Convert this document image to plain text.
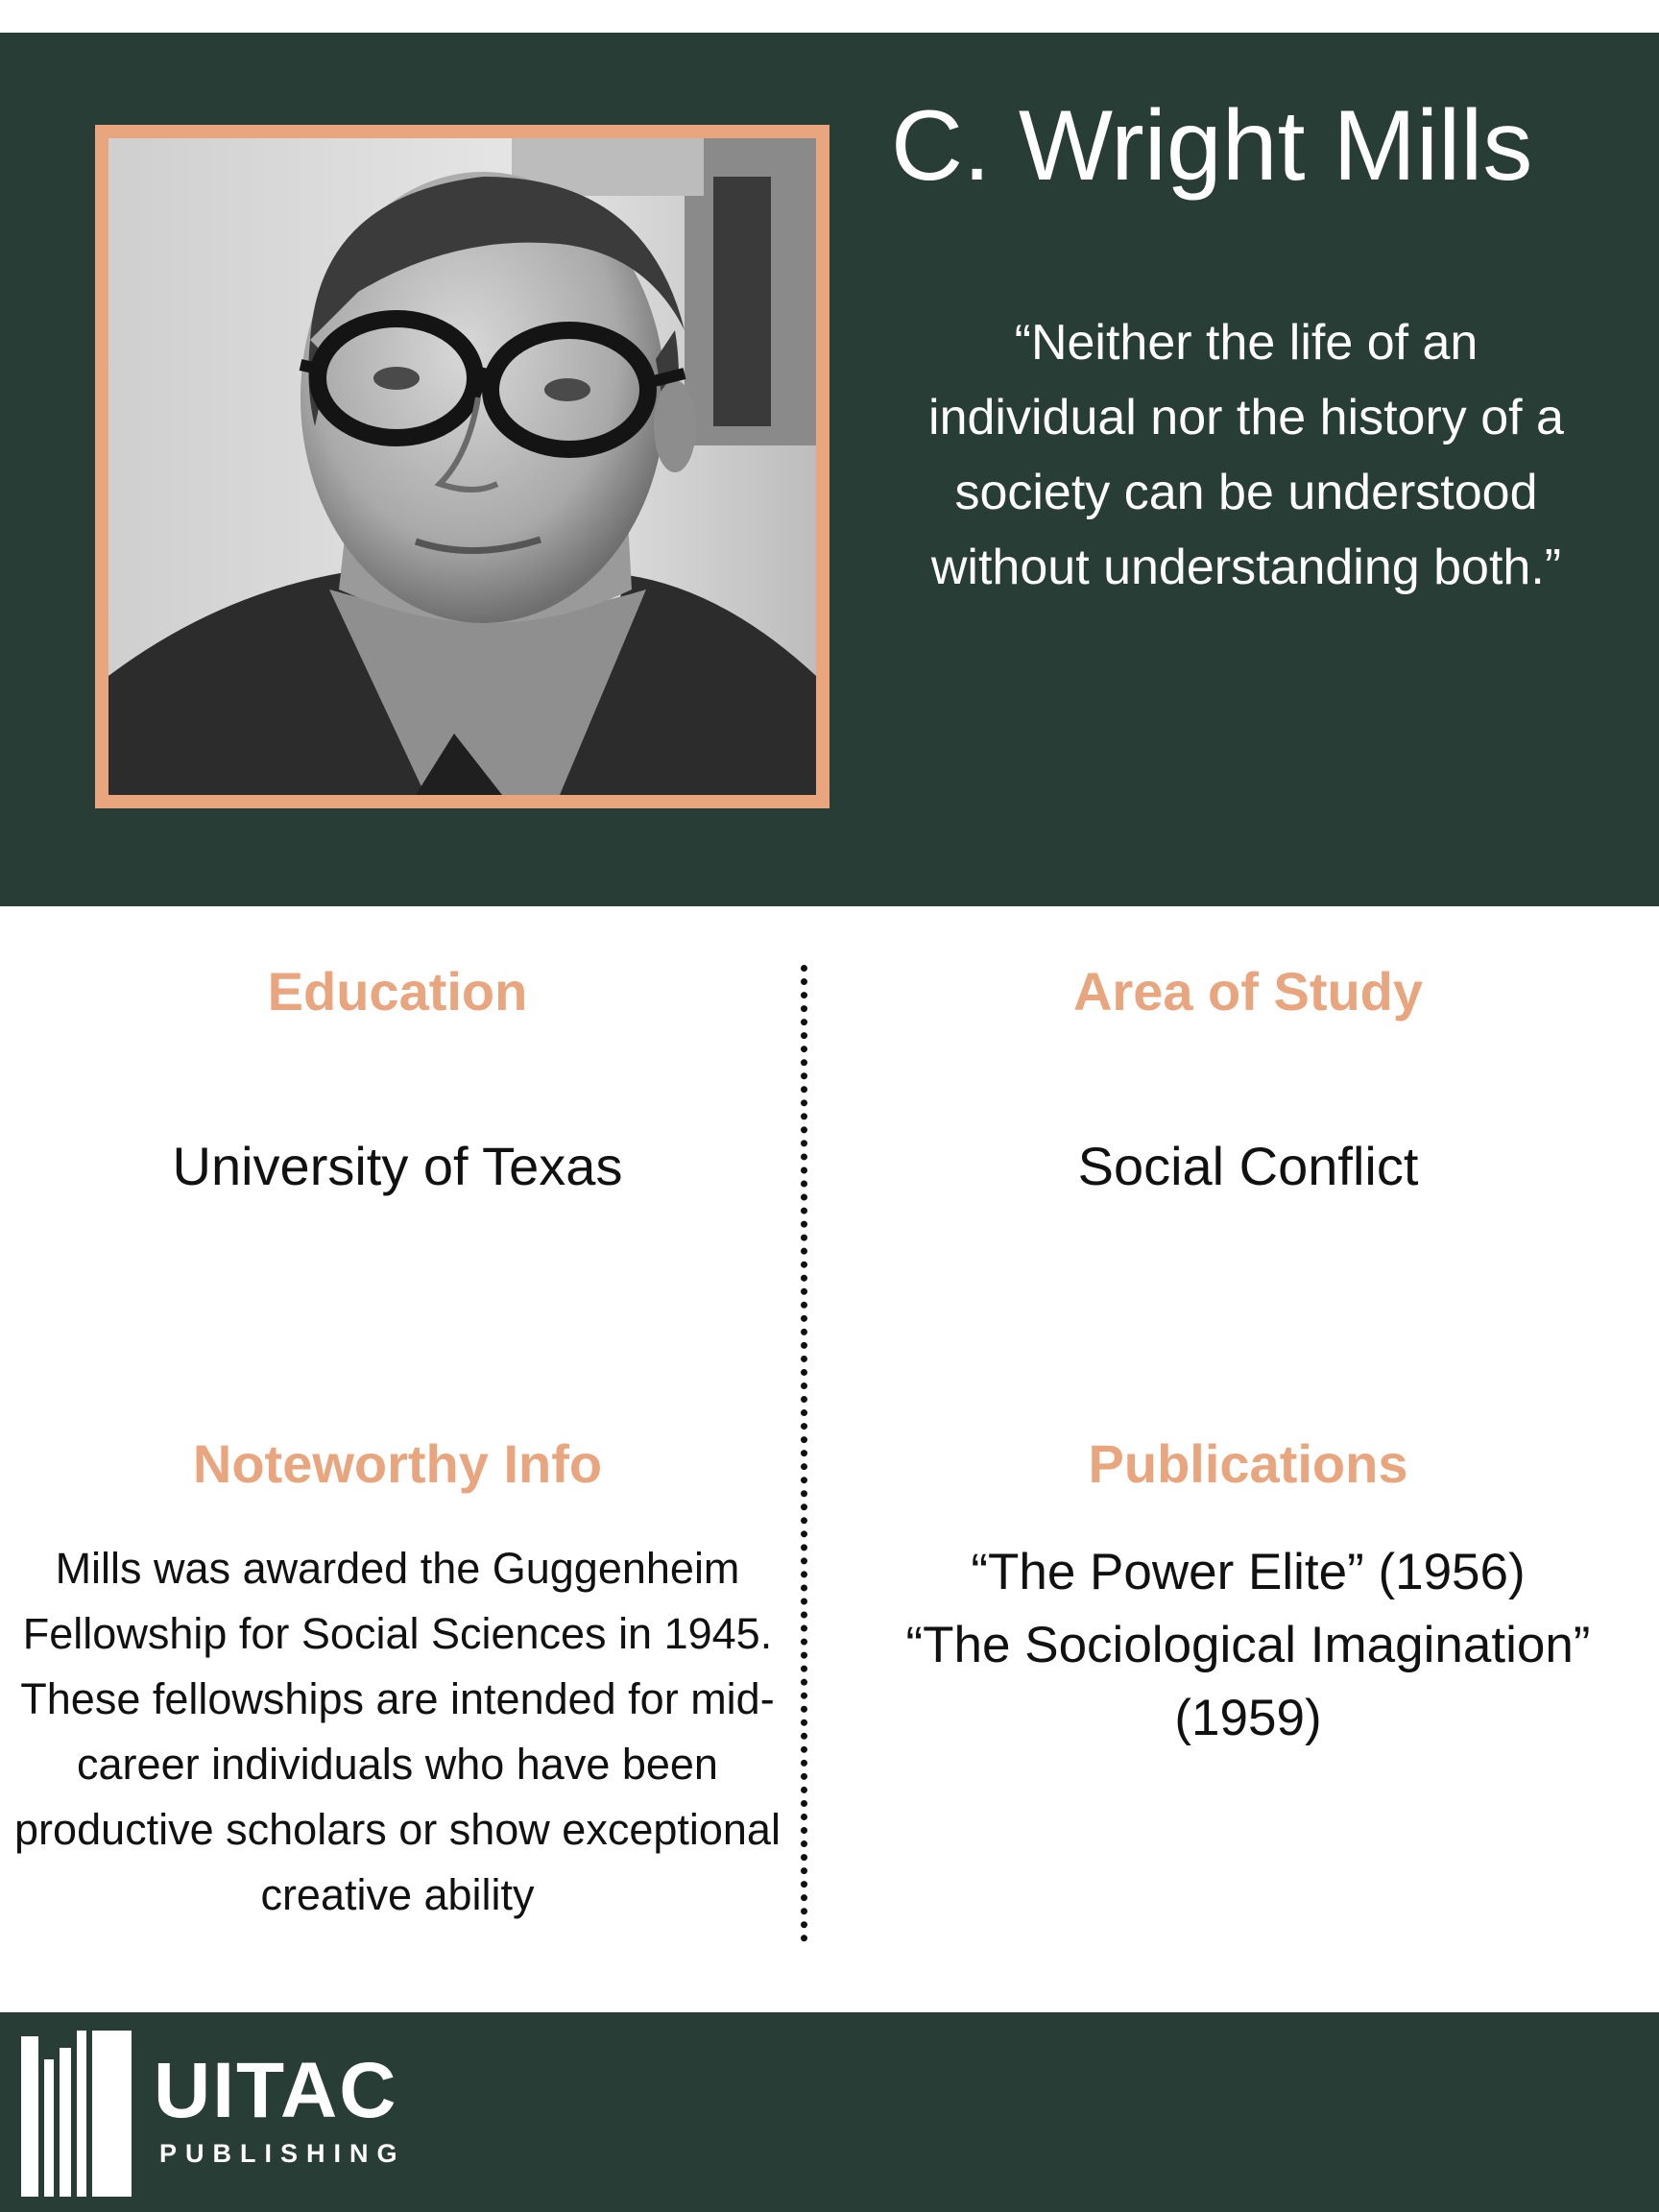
C. Wright Mills
“Neither the life of an individual nor the history of a society can be understood without understanding both.”
Education
University of Texas
Area of Study
Social Conflict
Noteworthy Info
Mills was awarded the Guggenheim Fellowship for Social Sciences in 1945. These fellowships are intended for mid-career individuals who have been productive scholars or show exceptional creative ability
Publications
“The Power Elite” (1956)
“The Sociological Imagination” (1959)
UITAC
PUBLISHING
